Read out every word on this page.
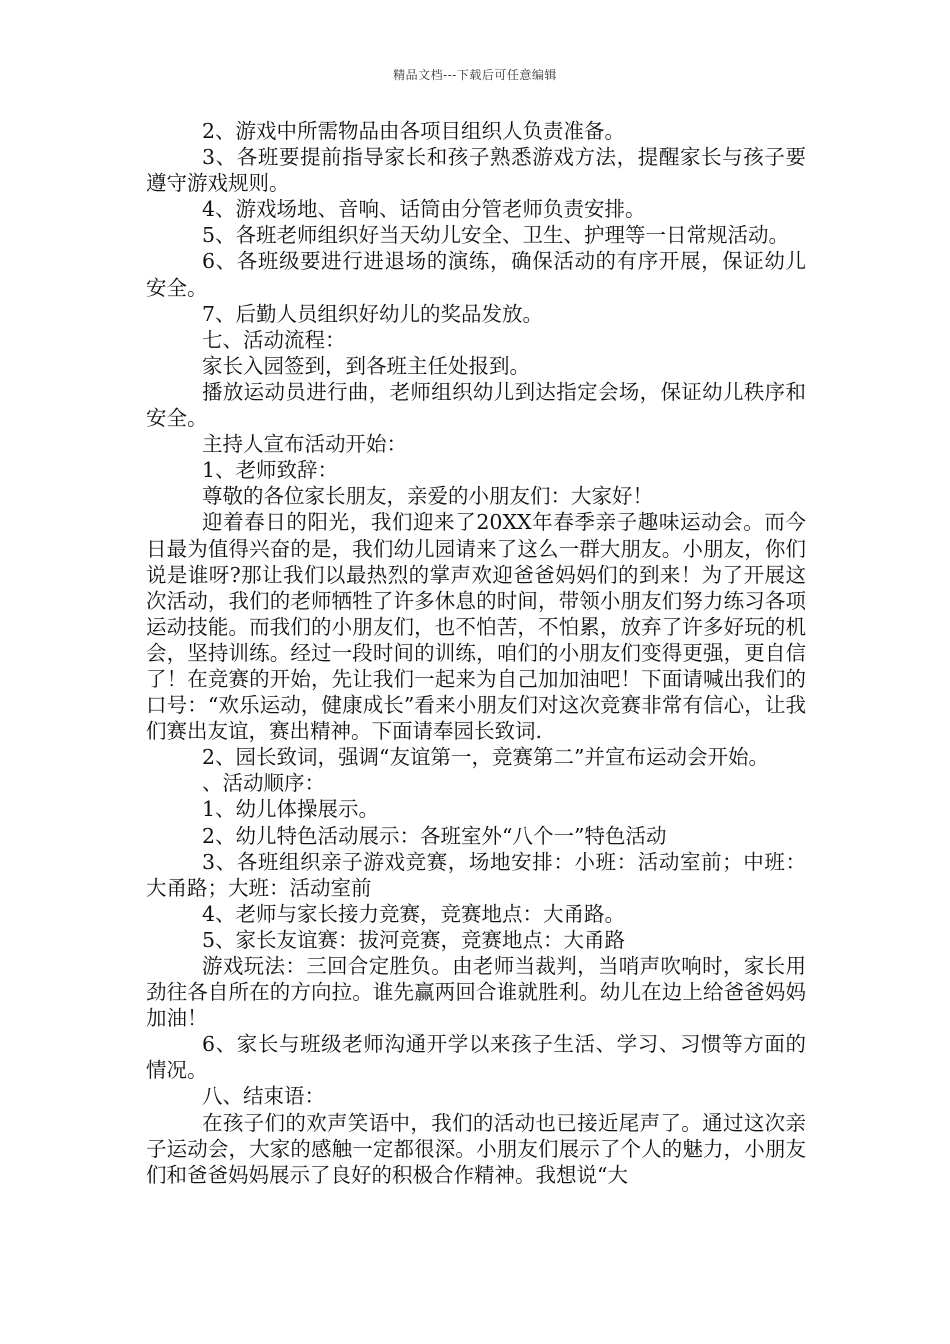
精品文档---下载后可任意编辑

2、游戏中所需物品由各项目组织人负责准备。

3、各班要提前指导家长和孩子熟悉游戏方法，提醒家长与孩子要遵守游戏规则。

4、游戏场地、音响、话筒由分管老师负责安排。

5、各班老师组织好当天幼儿安全、卫生、护理等一日常规活动。

6、各班级要进行进退场的演练，确保活动的有序开展，保证幼儿安全。

7、后勤人员组织好幼儿的奖品发放。

七、活动流程：

家长入园签到，到各班主任处报到。

播放运动员进行曲，老师组织幼儿到达指定会场，保证幼儿秩序和安全。

主持人宣布活动开始：

1、老师致辞：

尊敬的各位家长朋友，亲爱的小朋友们：大家好！

迎着春日的阳光，我们迎来了20XX年春季亲子趣味运动会。而今日最为值得兴奋的是，我们幼儿园请来了这么一群大朋友。小朋友，你们说是谁呀?那让我们以最热烈的掌声欢迎爸爸妈妈们的到来！为了开展这次活动，我们的老师牺牲了许多休息的时间，带领小朋友们努力练习各项运动技能。而我们的小朋友们，也不怕苦，不怕累，放弃了许多好玩的机会，坚持训练。经过一段时间的训练，咱们的小朋友们变得更强，更自信了！在竞赛的开始，先让我们一起来为自己加加油吧！下面请喊出我们的口号：“欢乐运动，健康成长”看来小朋友们对这次竞赛非常有信心，让我们赛出友谊，赛出精神。下面请奉园长致词.

2、园长致词，强调“友谊第一，竞赛第二”并宣布运动会开始。

、活动顺序：

1、幼儿体操展示。

2、幼儿特色活动展示：各班室外“八个一”特色活动

3、各班组织亲子游戏竞赛，场地安排：小班：活动室前；中班：大甬路；大班：活动室前

4、老师与家长接力竞赛，竞赛地点：大甬路。

5、家长友谊赛：拔河竞赛，竞赛地点：大甬路

游戏玩法：三回合定胜负。由老师当裁判，当哨声吹响时，家长用劲往各自所在的方向拉。谁先赢两回合谁就胜利。幼儿在边上给爸爸妈妈加油！

6、家长与班级老师沟通开学以来孩子生活、学习、习惯等方面的情况。

八、结束语：

在孩子们的欢声笑语中，我们的活动也已接近尾声了。通过这次亲子运动会，大家的感触一定都很深。小朋友们展示了个人的魅力，小朋友们和爸爸妈妈展示了良好的积极合作精神。我想说“大
